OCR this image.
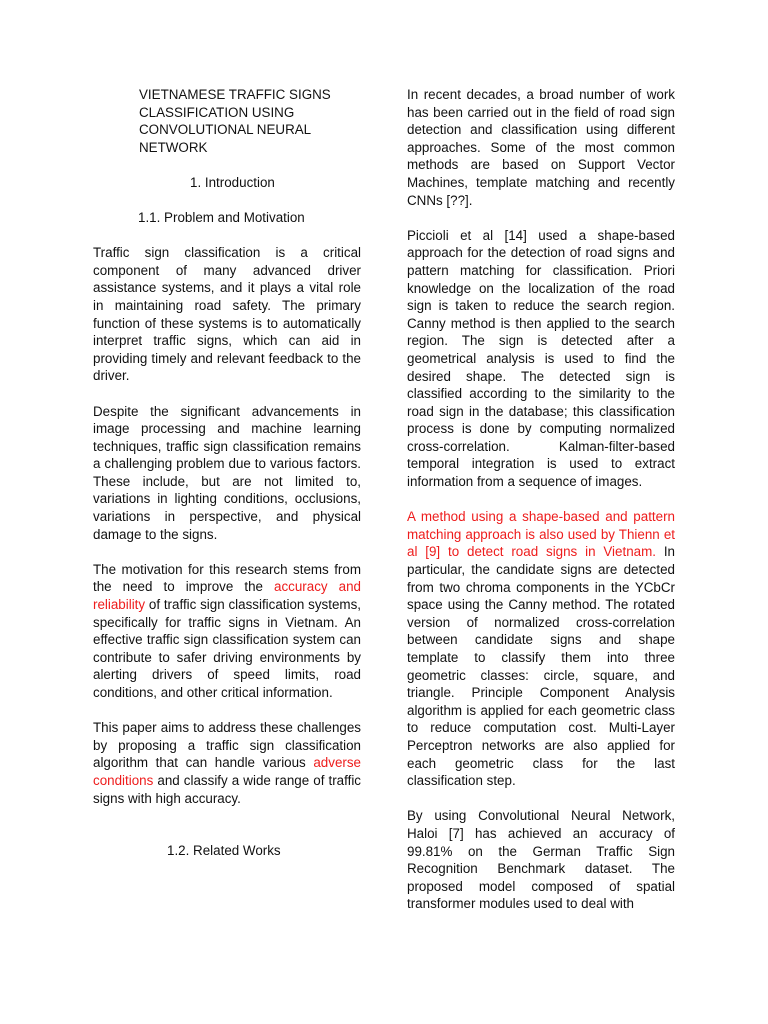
VIETNAMESE TRAFFIC SIGNS CLASSIFICATION USING CONVOLUTIONAL NEURAL NETWORK

1. Introduction

1.1. Problem and Motivation

Traffic sign classification is a critical component of many advanced driver assistance systems, and it plays a vital role in maintaining road safety. The primary function of these systems is to automatically interpret traffic signs, which can aid in providing timely and relevant feedback to the driver.

Despite the significant advancements in image processing and machine learning techniques, traffic sign classification remains a challenging problem due to various factors. These include, but are not limited to, variations in lighting conditions, occlusions, variations in perspective, and physical damage to the signs.

The motivation for this research stems from the need to improve the accuracy and reliability of traffic sign classification systems, specifically for traffic signs in Vietnam. An effective traffic sign classification system can contribute to safer driving environments by alerting drivers of speed limits, road conditions, and other critical information.

This paper aims to address these challenges by proposing a traffic sign classification algorithm that can handle various adverse conditions and classify a wide range of traffic signs with high accuracy.

1.2. Related Works

In recent decades, a broad number of work has been carried out in the field of road sign detection and classification using different approaches. Some of the most common methods are based on Support Vector Machines, template matching and recently CNNs [??].

Piccioli et al [14] used a shape-based approach for the detection of road signs and pattern matching for classification. Priori knowledge on the localization of the road sign is taken to reduce the search region. Canny method is then applied to the search region. The sign is detected after a geometrical analysis is used to find the desired shape. The detected sign is classified according to the similarity to the road sign in the database; this classification process is done by computing normalized cross-correlation. Kalman-filter-based temporal integration is used to extract information from a sequence of images.

A method using a shape-based and pattern matching approach is also used by Thienn et al [9] to detect road signs in Vietnam. In particular, the candidate signs are detected from two chroma components in the YCbCr space using the Canny method. The rotated version of normalized cross-correlation between candidate signs and shape template to classify them into three geometric classes: circle, square, and triangle. Principle Component Analysis algorithm is applied for each geometric class to reduce computation cost. Multi-Layer Perceptron networks are also applied for each geometric class for the last classification step.

By using Convolutional Neural Network, Haloi [7] has achieved an accuracy of 99.81% on the German Traffic Sign Recognition Benchmark dataset. The proposed model composed of spatial transformer modules used to deal with
